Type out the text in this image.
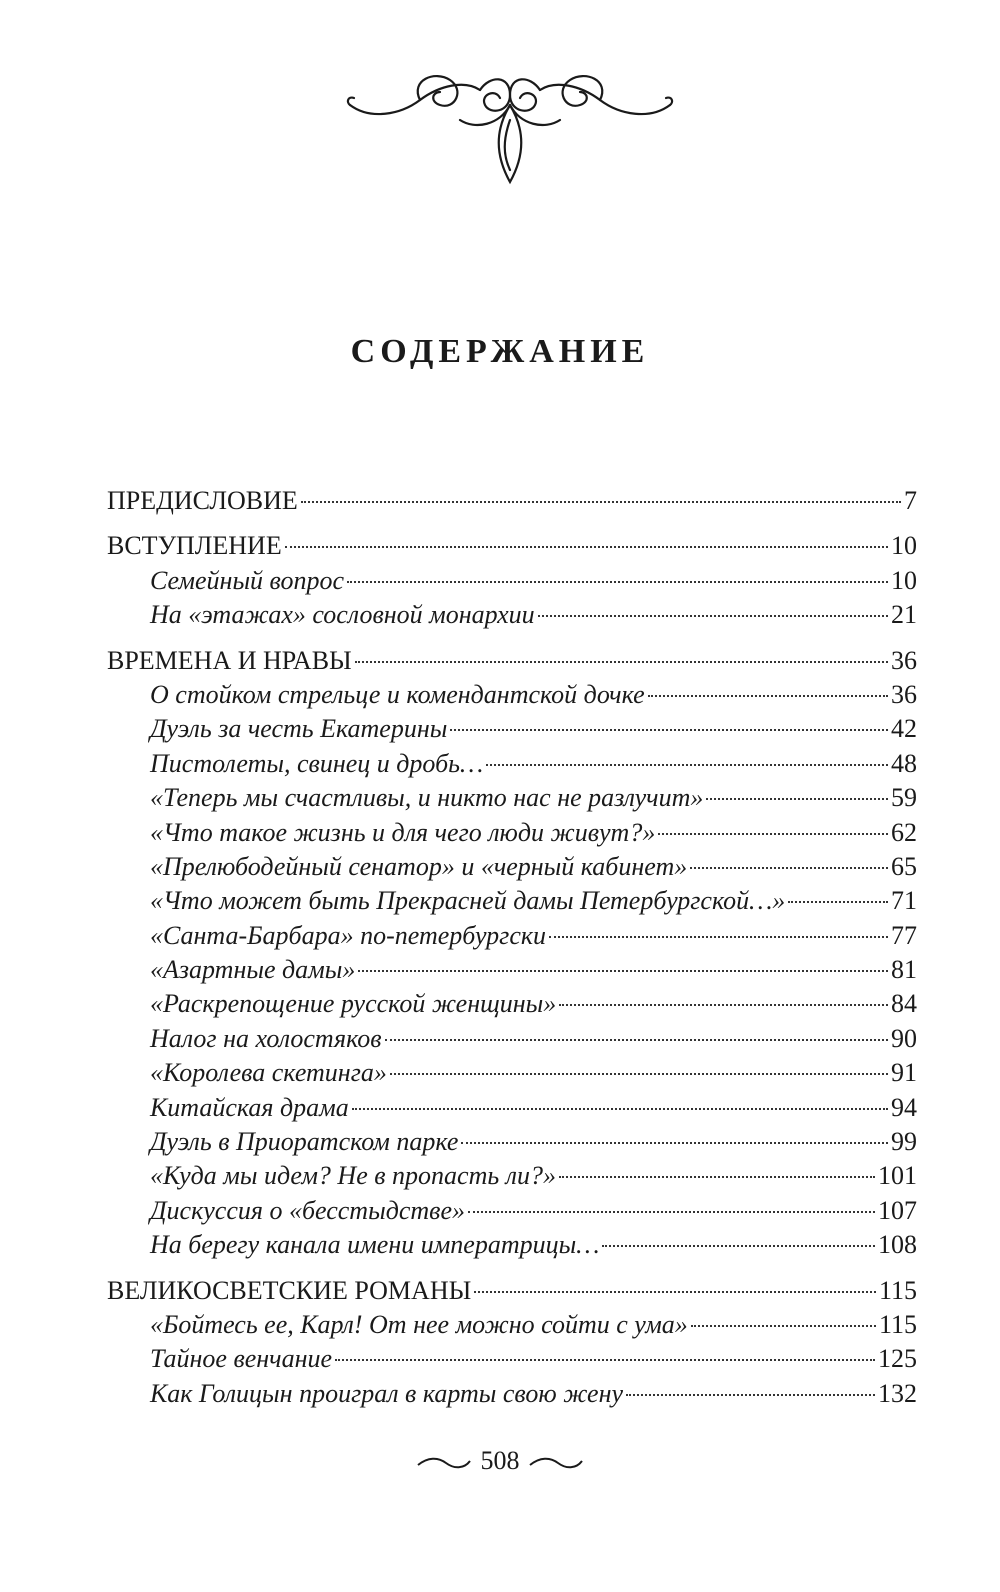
СОДЕРЖАНИЕ
ПРЕДИСЛОВИЕ	7
ВСТУПЛЕНИЕ	10
Семейный вопрос	10
На «этажах» сословной монархии	21
ВРЕМЕНА И НРАВЫ	36
О стойком стрельце и комендантской дочке	36
Дуэль за честь Екатерины	42
Пистолеты, свинец и дробь…	48
«Теперь мы счастливы, и никто нас не разлучит»	59
«Что такое жизнь и для чего люди живут?»	62
«Прелюбодейный сенатор» и «черный кабинет»	65
«Что может быть Прекрасней дамы Петербургской…»	71
«Санта-Барбара» по-петербургски	77
«Азартные дамы»	81
«Раскрепощение русской женщины»	84
Налог на холостяков	90
«Королева скетинга»	91
Китайская драма	94
Дуэль в Приоратском парке	99
«Куда мы идем? Не в пропасть ли?»	101
Дискуссия о «бесстыдстве»	107
На берегу канала имени императрицы…	108
ВЕЛИКОСВЕТСКИЕ РОМАНЫ	115
«Бойтесь ее, Карл! От нее можно сойти с ума»	115
Тайное венчание	125
Как Голицын проиграл в карты свою жену	132
508
